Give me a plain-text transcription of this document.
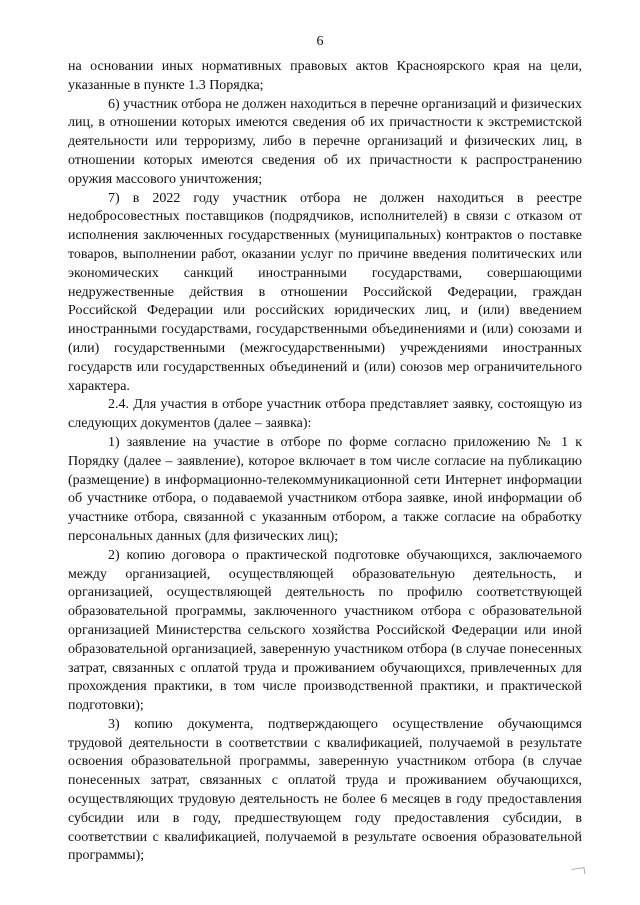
6

на основании иных нормативных правовых актов Красноярского края на цели, указанные в пункте 1.3 Порядка;

6) участник отбора не должен находиться в перечне организаций и физических лиц, в отношении которых имеются сведения об их причастности к экстремистской деятельности или терроризму, либо в перечне организаций и физических лиц, в отношении которых имеются сведения об их причастности к распространению оружия массового уничтожения;

7) в 2022 году участник отбора не должен находиться в реестре недобросовестных поставщиков (подрядчиков, исполнителей) в связи с отказом от исполнения заключенных государственных (муниципальных) контрактов о поставке товаров, выполнении работ, оказании услуг по причине введения политических или экономических санкций иностранными государствами, совершающими недружественные действия в отношении Российской Федерации, граждан Российской Федерации или российских юридических лиц, и (или) введением иностранными государствами, государственными объединениями и (или) союзами и (или) государственными (межгосударственными) учреждениями иностранных государств или государственных объединений и (или) союзов мер ограничительного характера.

2.4. Для участия в отборе участник отбора представляет заявку, состоящую из следующих документов (далее – заявка):

1) заявление на участие в отборе по форме согласно приложению № 1 к Порядку (далее – заявление), которое включает в том числе согласие на публикацию (размещение) в информационно-телекоммуникационной сети Интернет информации об участнике отбора, о подаваемой участником отбора заявке, иной информации об участнике отбора, связанной с указанным отбором, а также согласие на обработку персональных данных (для физических лиц);

2) копию договора о практической подготовке обучающихся, заключаемого между организацией, осуществляющей образовательную деятельность, и организацией, осуществляющей деятельность по профилю соответствующей образовательной программы, заключенного участником отбора с образовательной организацией Министерства сельского хозяйства Российской Федерации или иной образовательной организацией, заверенную участником отбора (в случае понесенных затрат, связанных с оплатой труда и проживанием обучающихся, привлеченных для прохождения практики, в том числе производственной практики, и практической подготовки);

3) копию документа, подтверждающего осуществление обучающимся трудовой деятельности в соответствии с квалификацией, получаемой в результате освоения образовательной программы, заверенную участником отбора (в случае понесенных затрат, связанных с оплатой труда и проживанием обучающихся, осуществляющих трудовую деятельность не более 6 месяцев в году предоставления субсидии или в году, предшествующем году предоставления субсидии, в соответствии с квалификацией, получаемой в результате освоения образовательной программы);
